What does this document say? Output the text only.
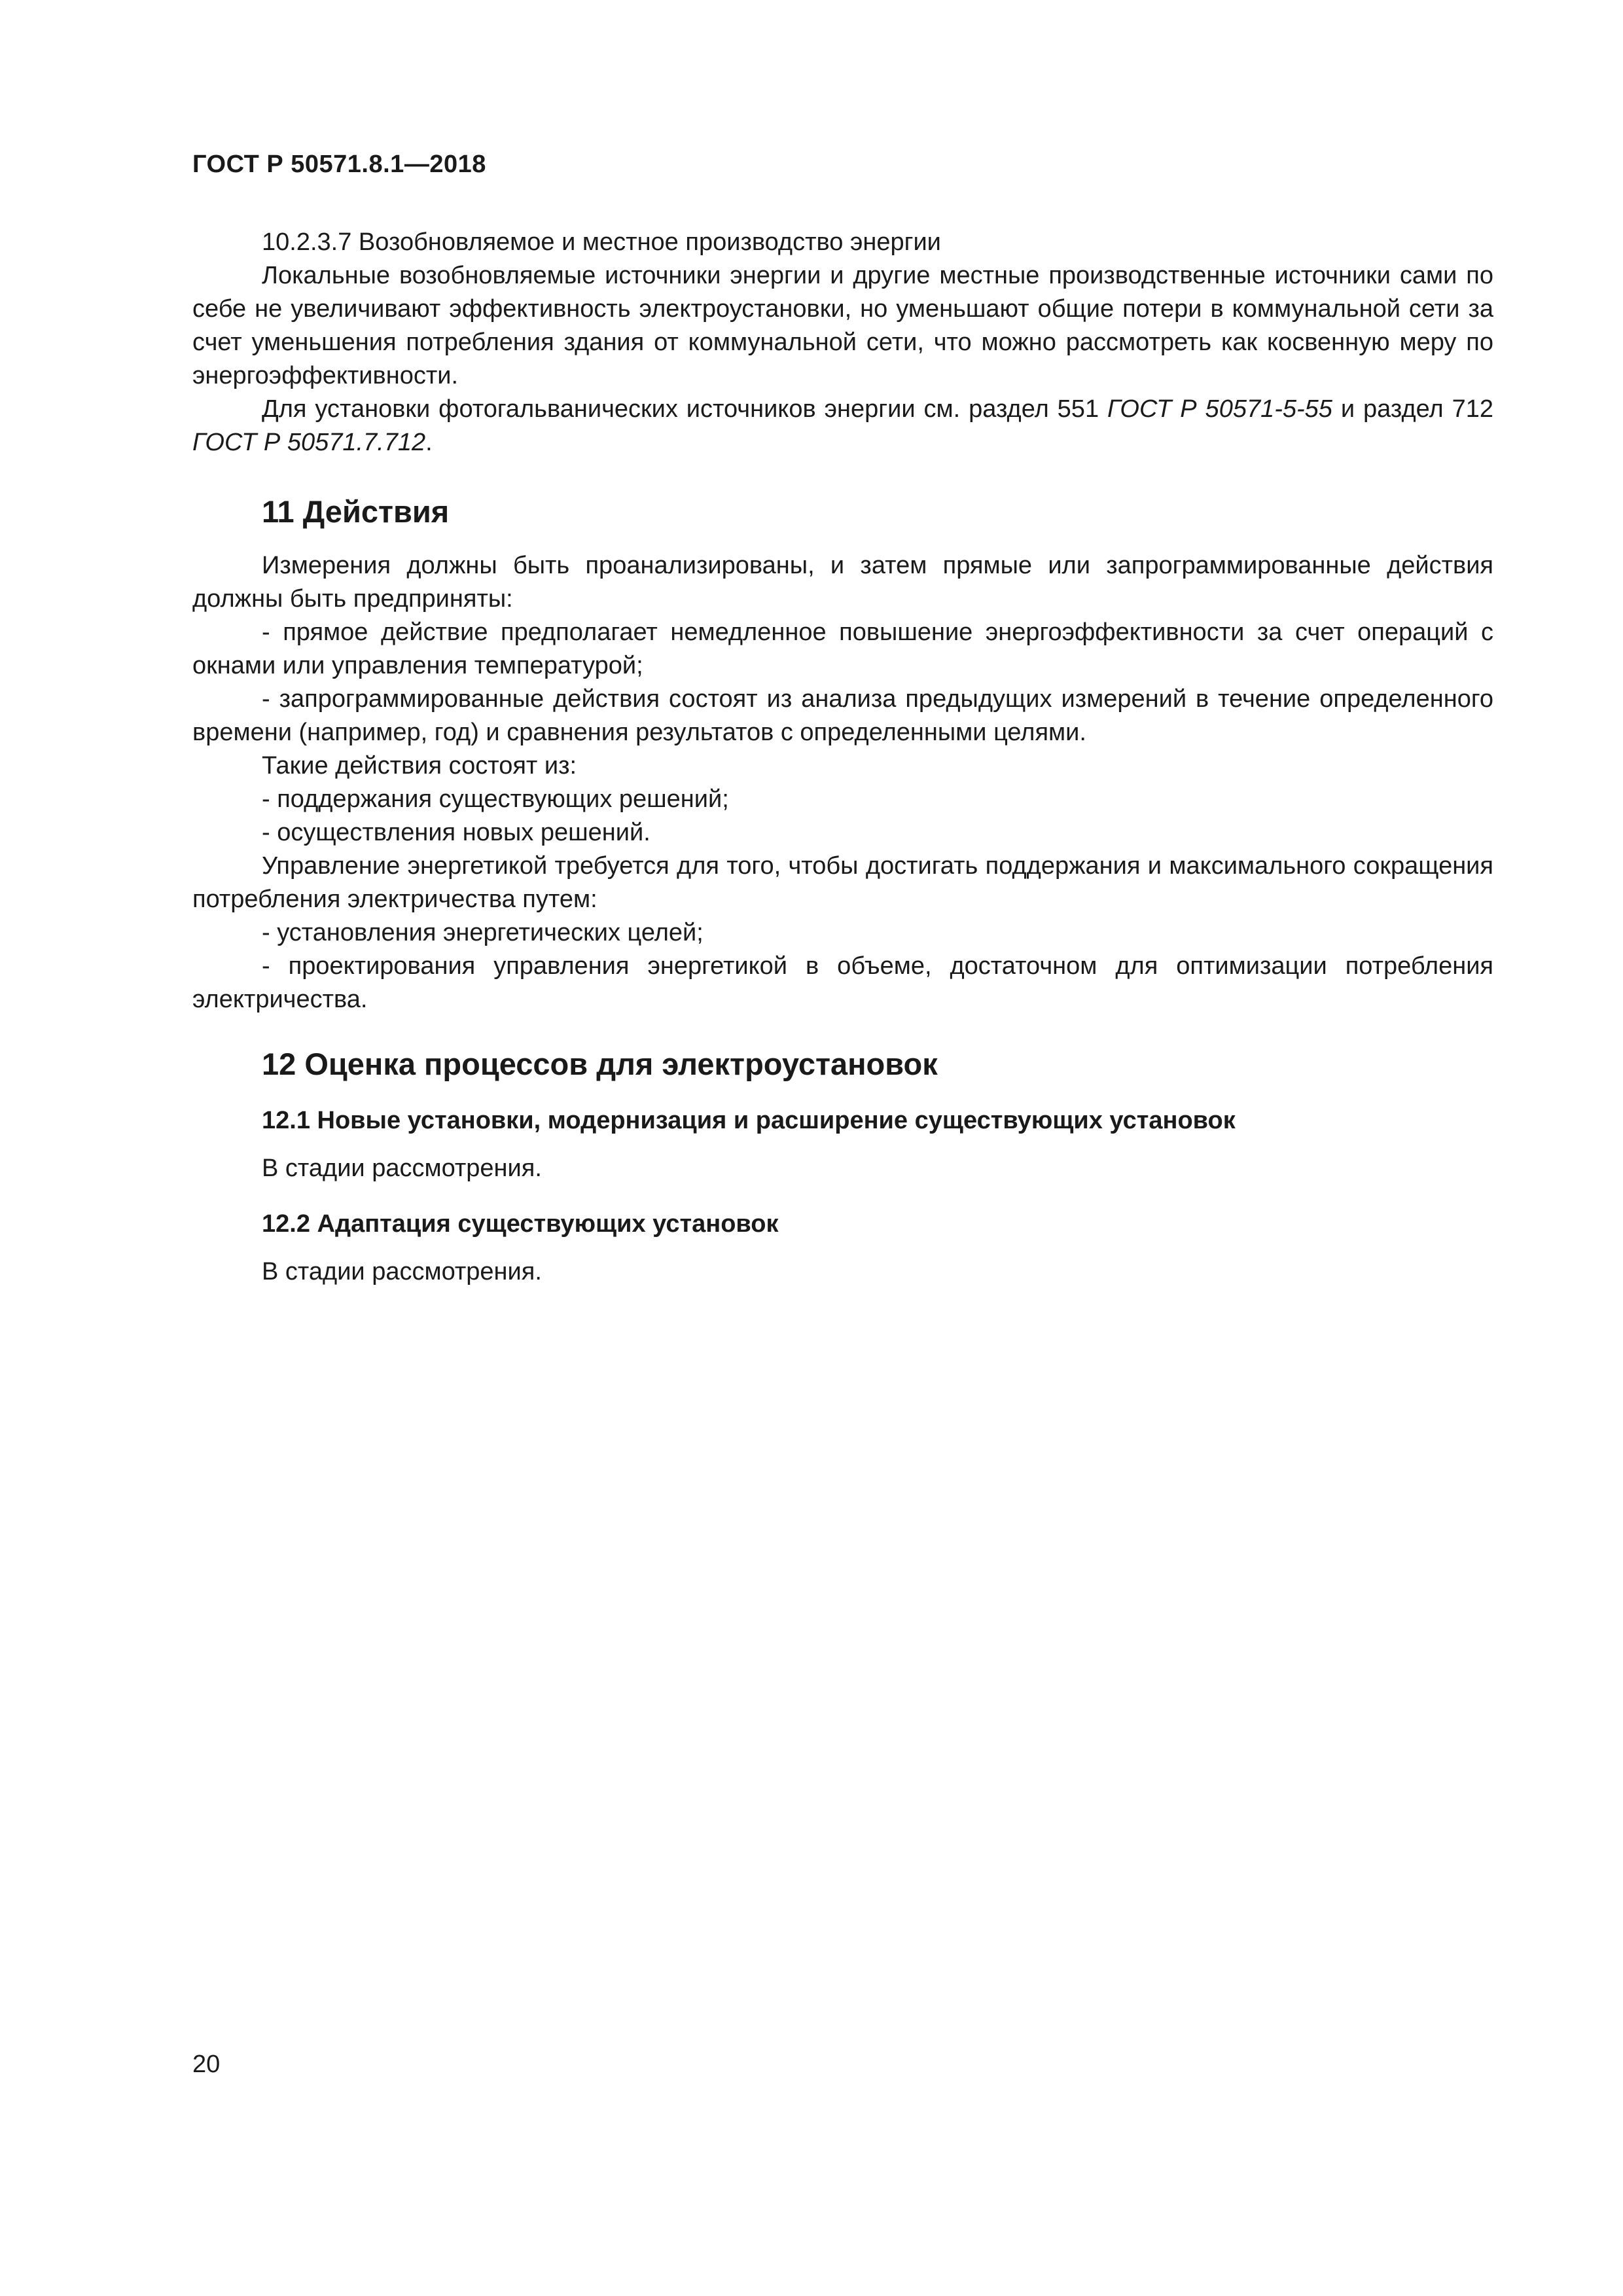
ГОСТ Р 50571.8.1—2018

10.2.3.7 Возобновляемое и местное производство энергии

Локальные возобновляемые источники энергии и другие местные производственные источники сами по себе не увеличивают эффективность электроустановки, но уменьшают общие потери в коммунальной сети за счет уменьшения потребления здания от коммунальной сети, что можно рассмотреть как косвенную меру по энергоэффективности.

Для установки фотогальванических источников энергии см. раздел 551 ГОСТ Р 50571-5-55 и раздел 712 ГОСТ Р 50571.7.712.

11 Действия

Измерения должны быть проанализированы, и затем прямые или запрограммированные действия должны быть предприняты:

- прямое действие предполагает немедленное повышение энергоэффективности за счет операций с окнами или управления температурой;

- запрограммированные действия состоят из анализа предыдущих измерений в течение определенного времени (например, год) и сравнения результатов с определенными целями.

Такие действия состоят из:

- поддержания существующих решений;

- осуществления новых решений.

Управление энергетикой требуется для того, чтобы достигать поддержания и максимального сокращения потребления электричества путем:

- установления энергетических целей;

- проектирования управления энергетикой в объеме, достаточном для оптимизации потребления электричества.

12 Оценка процессов для электроустановок

12.1 Новые установки, модернизация и расширение существующих установок

В стадии рассмотрения.

12.2 Адаптация существующих установок

В стадии рассмотрения.

20
